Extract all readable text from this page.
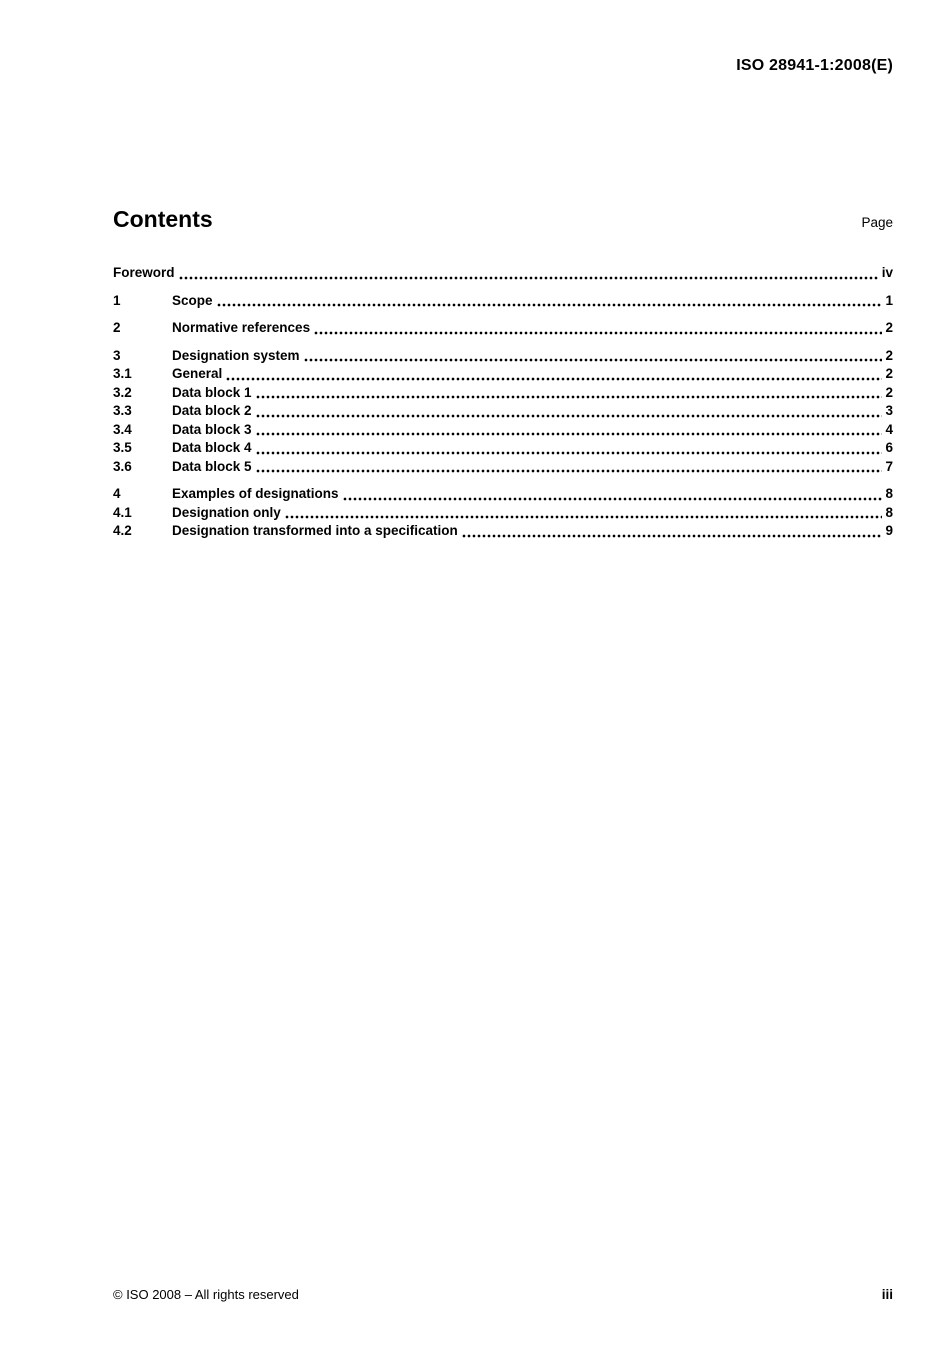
ISO 28941-1:2008(E)
Contents	Page
Foreword	iv
1	Scope	1
2	Normative references	2
3	Designation system	2
3.1	General	2
3.2	Data block 1	2
3.3	Data block 2	3
3.4	Data block 3	4
3.5	Data block 4	6
3.6	Data block 5	7
4	Examples of designations	8
4.1	Designation only	8
4.2	Designation transformed into a specification	9
© ISO 2008 – All rights reserved	iii
